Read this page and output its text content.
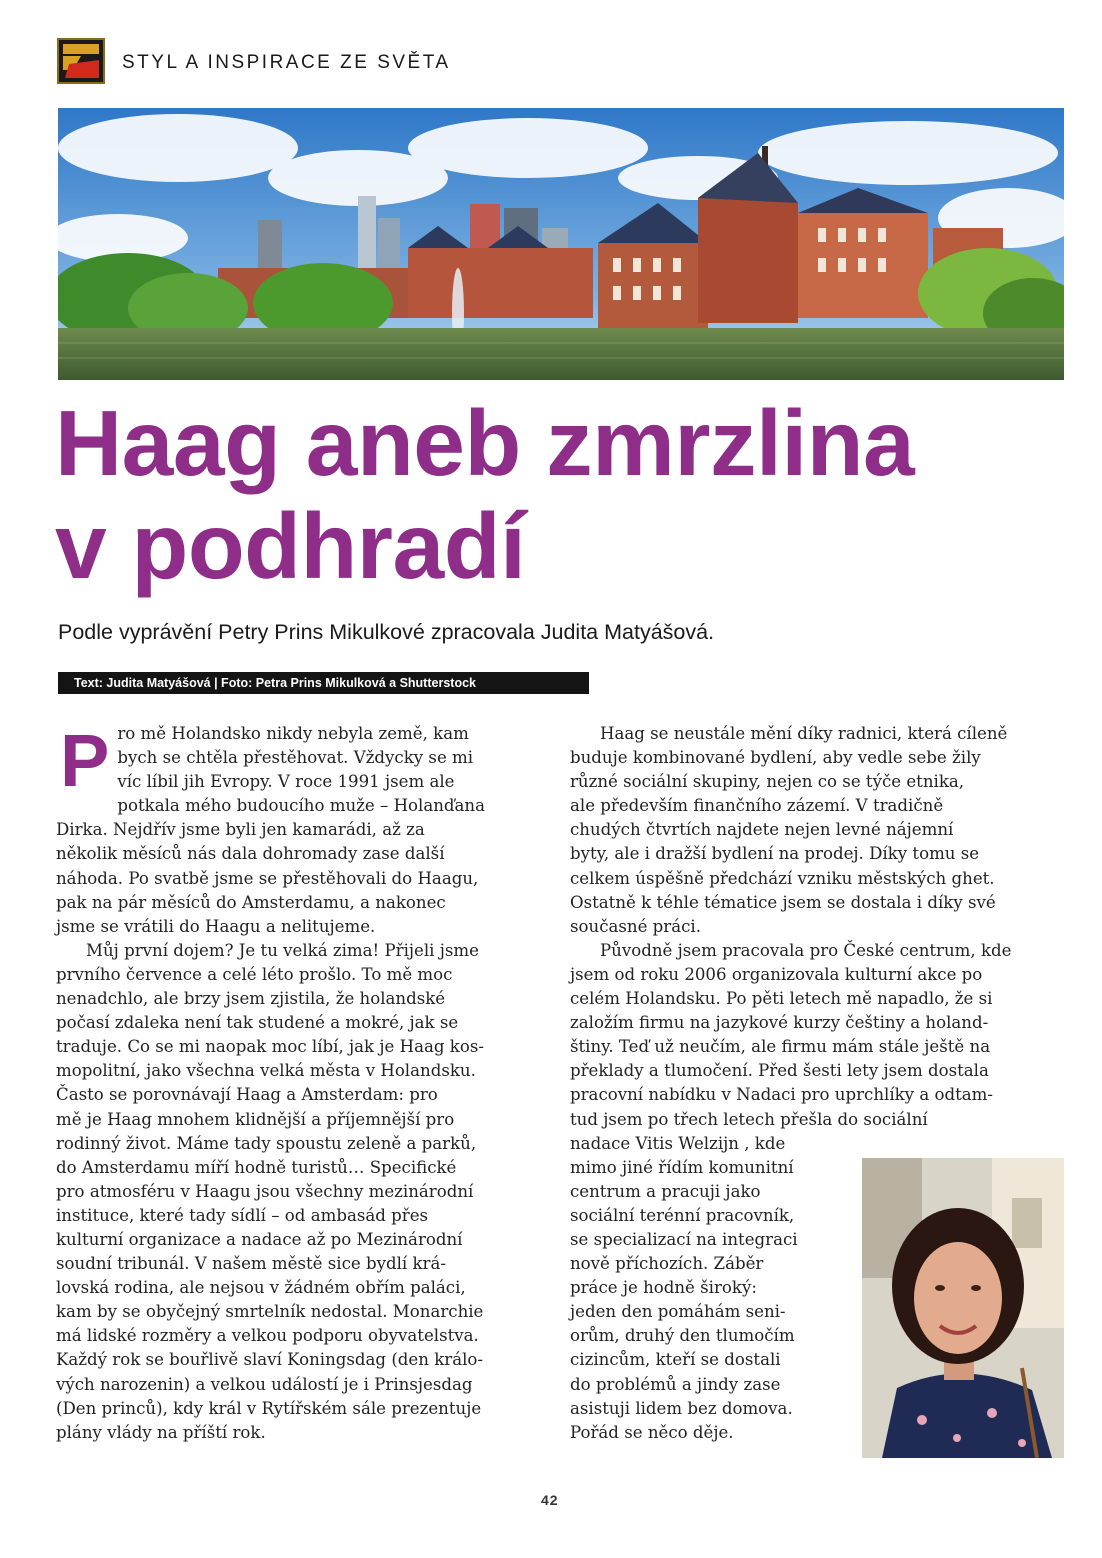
STYL A INSPIRACE ZE SVĚTA
Haag aneb zmrzlina
v podhradí
Podle vyprávění Petry Prins Mikulkové zpracovala Judita Matyášová.
Text: Judita Matyášová | Foto: Petra Prins Mikulková a Shutterstock
P ro mě Holandsko nikdy nebyla země, kam
bych se chtěla přestěhovat. Vždycky se mi
víc líbil jih Evropy. V roce 1991 jsem ale
potkala mého budoucího muže – Holanďana
Dirka. Nejdřív jsme byli jen kamarádi, až za
několik měsíců nás dala dohromady zase další
náhoda. Po svatbě jsme se přestěhovali do Haagu,
pak na pár měsíců do Amsterdamu, a nakonec
jsme se vrátili do Haagu a nelitujeme.
Můj první dojem? Je tu velká zima! Přijeli jsme
prvního července a celé léto prošlo. To mě moc
nenadchlo, ale brzy jsem zjistila, že holandské
počasí zdaleka není tak studené a mokré, jak se
traduje. Co se mi naopak moc líbí, jak je Haag kos-
mopolitní, jako všechna velká města v Holandsku.
Často se porovnávají Haag a Amsterdam: pro
mě je Haag mnohem klidnější a příjemnější pro
rodinný život. Máme tady spoustu zeleně a parků,
do Amsterdamu míří hodně turistů… Specifické
pro atmosféru v Haagu jsou všechny mezinárodní
instituce, které tady sídlí – od ambasád přes
kulturní organizace a nadace až po Mezinárodní
soudní tribunál. V našem městě sice bydlí krá-
lovská rodina, ale nejsou v žádném obřím paláci,
kam by se obyčejný smrtelník nedostal. Monarchie
má lidské rozměry a velkou podporu obyvatelstva.
Každý rok se bouřlivě slaví Koningsdag (den králo-
vých narozenin) a velkou událostí je i Prinsjesdag
(Den princů), kdy král v Rytířském sále prezentuje
plány vlády na příští rok.
Haag se neustále mění díky radnici, která cíleně
buduje kombinované bydlení, aby vedle sebe žily
různé sociální skupiny, nejen co se týče etnika,
ale především finančního zázemí. V tradičně
chudých čtvrtích najdete nejen levné nájemní
byty, ale i dražší bydlení na prodej. Díky tomu se
celkem úspěšně předchází vzniku městských ghet.
Ostatně k téhle tématice jsem se dostala i díky své
současné práci.
Původně jsem pracovala pro České centrum, kde
jsem od roku 2006 organizovala kulturní akce po
celém Holandsku. Po pěti letech mě napadlo, že si
založím firmu na jazykové kurzy češtiny a holand-
štiny. Teď už neučím, ale firmu mám stále ještě na
překlady a tlumočení. Před šesti lety jsem dostala
pracovní nabídku v Nadaci pro uprchlíky a odtam-
tud jsem po třech letech přešla do sociální
nadace Vitis Welzijn , kde
mimo jiné řídím komunitní
centrum a pracuji jako
sociální terénní pracovník,
se specializací na integraci
nově příchozích. Záběr
práce je hodně široký:
jeden den pomáhám seni-
orům, druhý den tlumočím
cizincům, kteří se dostali
do problémů a jindy zase
asistuji lidem bez domova.
Pořád se něco děje.
42
